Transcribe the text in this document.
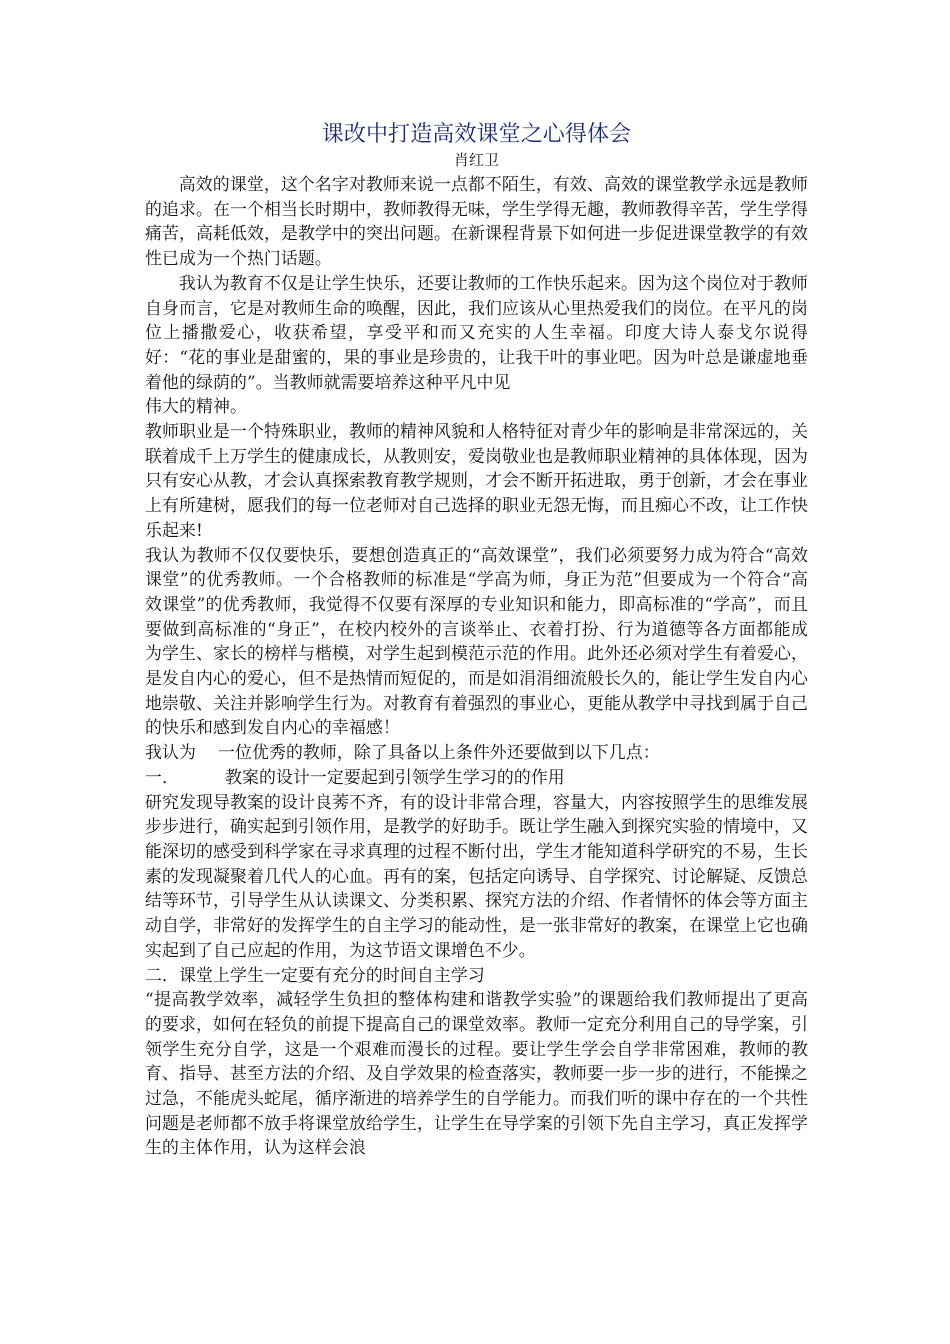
课改中打造高效课堂之心得体会
肖红卫

高效的课堂，这个名字对教师来说一点都不陌生，有效、高效的课堂教学永远是教师的追求。在一个相当长时期中，教师教得无味，学生学得无趣，教师教得辛苦，学生学得痛苦，高耗低效，是教学中的突出问题。在新课程背景下如何进一步促进课堂教学的有效性已成为一个热门话题。

我认为教育不仅是让学生快乐，还要让教师的工作快乐起来。因为这个岗位对于教师自身而言，它是对教师生命的唤醒，因此，我们应该从心里热爱我们的岗位。在平凡的岗位上播撒爱心，收获希望，享受平和而又充实的人生幸福。印度大诗人泰戈尔说得好：“花的事业是甜蜜的，果的事业是珍贵的，让我干叶的事业吧。因为叶总是谦虚地垂着他的绿荫的”。当教师就需要培养这种平凡中见

伟大的精神。

教师职业是一个特殊职业，教师的精神风貌和人格特征对青少年的影响是非常深远的，关联着成千上万学生的健康成长，从教则安，爱岗敬业也是教师职业精神的具体体现，因为只有安心从教，才会认真探索教育教学规则，才会不断开拓进取，勇于创新，才会在事业上有所建树，愿我们的每一位老师对自己选择的职业无怨无悔，而且痴心不改，让工作快乐起来!

我认为教师不仅仅要快乐，要想创造真正的“高效课堂”，我们必须要努力成为符合“高效课堂”的优秀教师。一个合格教师的标准是“学高为师，身正为范”但要成为一个符合“高效课堂”的优秀教师，我觉得不仅要有深厚的专业知识和能力，即高标准的“学高”，而且要做到高标准的“身正”，在校内校外的言谈举止、衣着打扮、行为道德等各方面都能成为学生、家长的榜样与楷模，对学生起到模范示范的作用。此外还必须对学生有着爱心，是发自内心的爱心，但不是热情而短促的，而是如涓涓细流般长久的，能让学生发自内心地崇敬、关注并影响学生行为。对教育有着强烈的事业心，更能从教学中寻找到属于自己的快乐和感到发自内心的幸福感！

我认为 一位优秀的教师，除了具备以上条件外还要做到以下几点：

一．	教案的设计一定要起到引领学生学习的的作用

研究发现导教案的设计良莠不齐，有的设计非常合理，容量大，内容按照学生的思维发展步步进行，确实起到引领作用，是教学的好助手。既让学生融入到探究实验的情境中，又能深切的感受到科学家在寻求真理的过程不断付出，学生才能知道科学研究的不易，生长素的发现凝聚着几代人的心血。再有的案，包括定向诱导、自学探究、讨论解疑、反馈总结等环节，引导学生从认读课文、分类积累、探究方法的介绍、作者情怀的体会等方面主动自学，非常好的发挥学生的自主学习的能动性，是一张非常好的教案，在课堂上它也确实起到了自己应起的作用，为这节语文课增色不少。

二．课堂上学生一定要有充分的时间自主学习

“提高教学效率，减轻学生负担的整体构建和谐教学实验”的课题给我们教师提出了更高的要求，如何在轻负的前提下提高自己的课堂效率。教师一定充分利用自己的导学案，引领学生充分自学，这是一个艰难而漫长的过程。要让学生学会自学非常困难，教师的教育、指导、甚至方法的介绍、及自学效果的检查落实，教师要一步一步的进行，不能操之过急，不能虎头蛇尾，循序渐进的培养学生的自学能力。而我们听的课中存在的一个共性问题是老师都不放手将课堂放给学生，让学生在导学案的引领下先自主学习，真正发挥学生的主体作用，认为这样会浪
